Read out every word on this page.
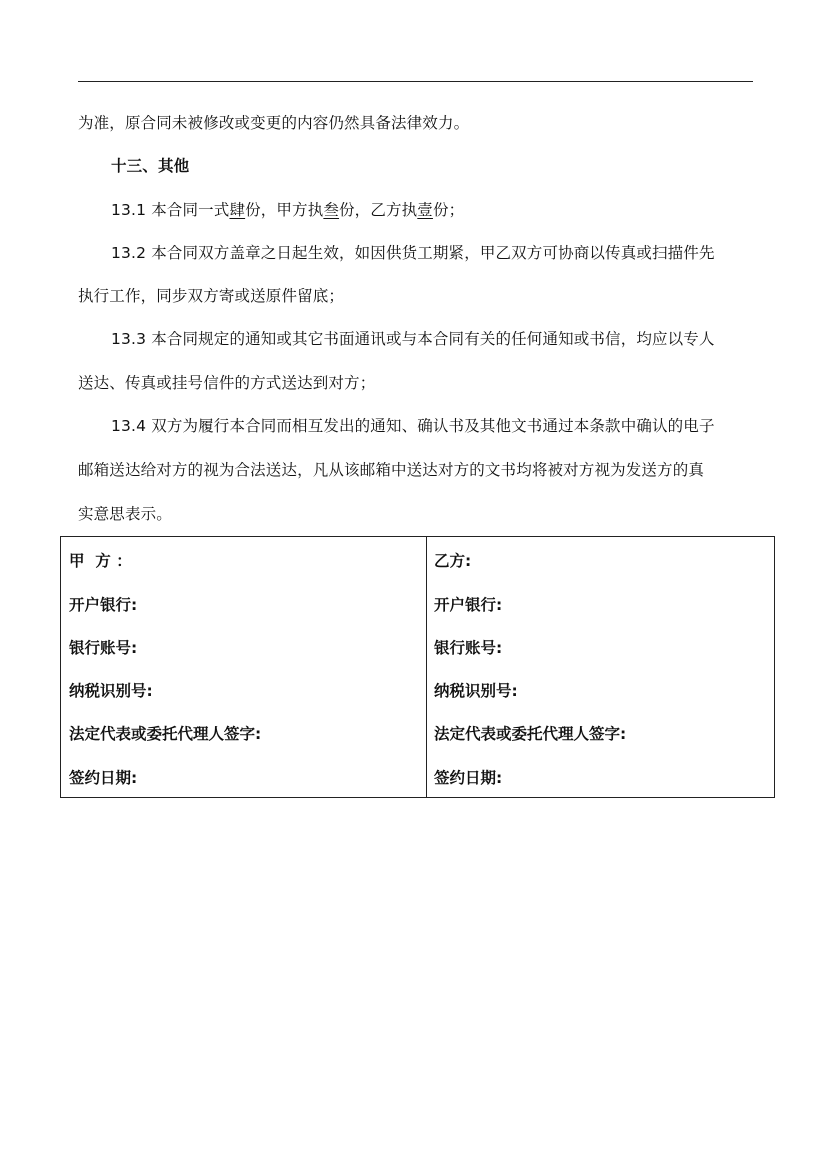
为准，原合同未被修改或变更的内容仍然具备法律效力。
十三、其他
13.1 本合同一式肆份，甲方执叁份，乙方执壹份；
13.2 本合同双方盖章之日起生效，如因供货工期紧，甲乙双方可协商以传真或扫描件先
执行工作，同步双方寄或送原件留底；
13.3 本合同规定的通知或其它书面通讯或与本合同有关的任何通知或书信，均应以专人
送达、传真或挂号信件的方式送达到对方；
13.4 双方为履行本合同而相互发出的通知、确认书及其他文书通过本条款中确认的电子
邮箱送达给对方的视为合法送达，凡从该邮箱中送达对方的文书均将被对方视为发送方的真
实意思表示。
甲  方 ：
开户银行:
银行账号:
纳税识别号:
法定代表或委托代理人签字:
签约日期:
乙方:
开户银行:
银行账号:
纳税识别号:
法定代表或委托代理人签字:
签约日期:
